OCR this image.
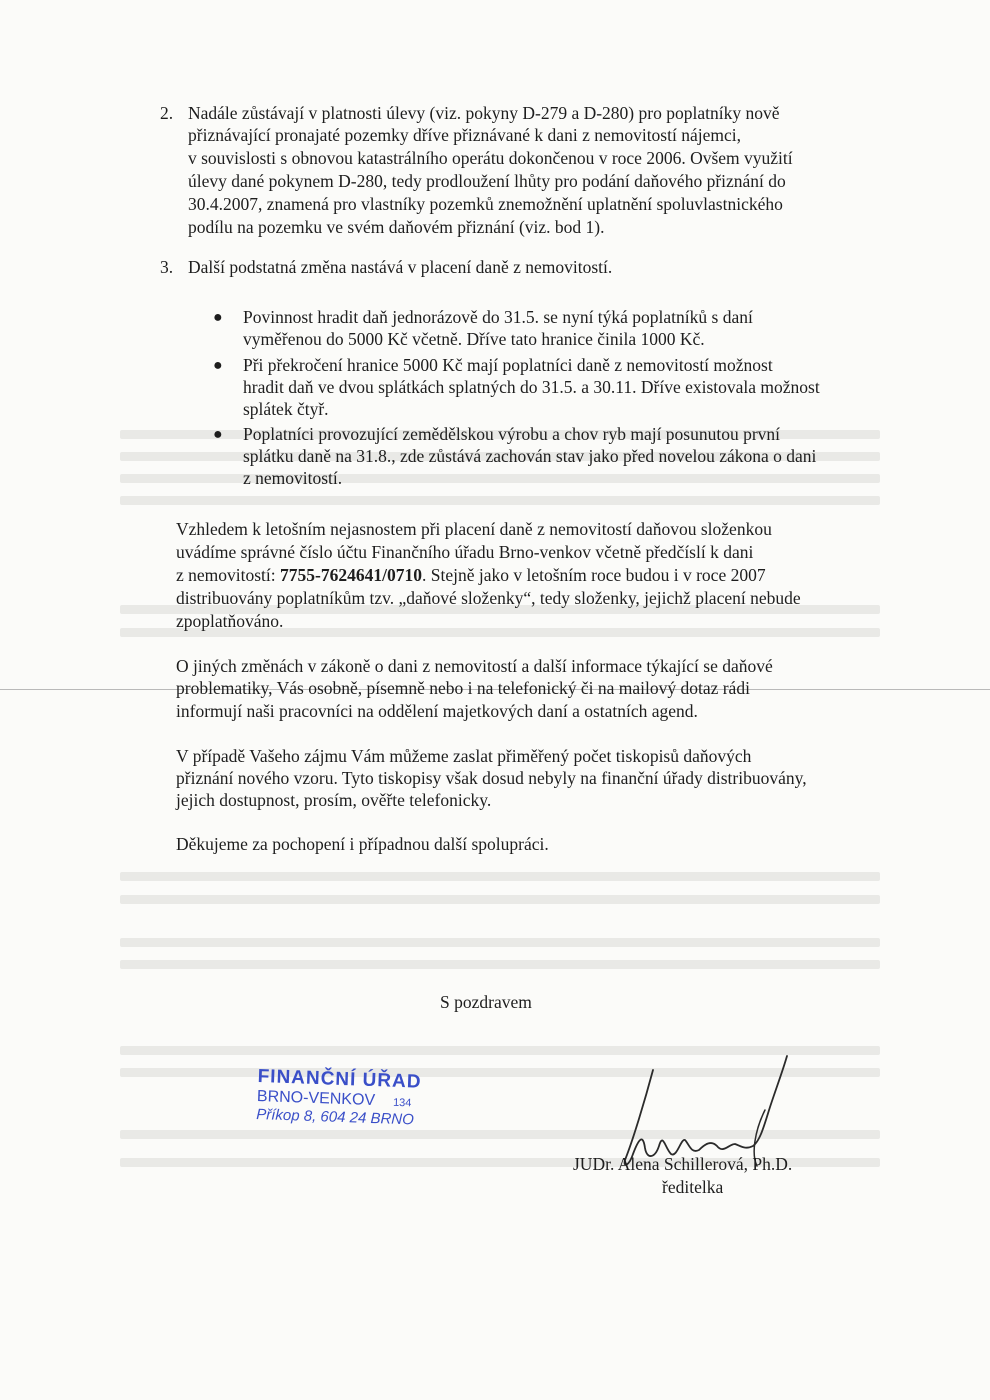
2. Nadále zůstávají v platnosti úlevy (viz. pokyny D-279 a D-280) pro poplatníky nově
přiznávající pronajaté pozemky dříve přiznávané k dani z nemovitostí nájemci,
v souvislosti s obnovou katastrálního operátu dokončenou v roce 2006. Ovšem využití
úlevy dané pokynem D-280, tedy prodloužení lhůty pro podání daňového přiznání do
30.4.2007, znamená pro vlastníky pozemků znemožnění uplatnění spoluvlastnického
podílu na pozemku ve svém daňovém přiznání (viz. bod 1).
3. Další podstatná změna nastává v placení daně z nemovitostí.
● Povinnost hradit daň jednorázově do 31.5. se nyní týká poplatníků s daní
vyměřenou do 5000 Kč včetně. Dříve tato hranice činila 1000 Kč.
● Při překročení hranice 5000 Kč mají poplatníci daně z nemovitostí možnost
hradit daň ve dvou splátkách splatných do 31.5. a 30.11. Dříve existovala možnost
splátek čtyř.
● Poplatníci provozující zemědělskou výrobu a chov ryb mají posunutou první
splátku daně na 31.8., zde zůstává zachován stav jako před novelou zákona o dani
z nemovitostí.
Vzhledem k letošním nejasnostem při placení daně z nemovitostí daňovou složenkou
uvádíme správné číslo účtu Finančního úřadu Brno-venkov včetně předčíslí k dani
z nemovitostí: 7755-7624641/0710. Stejně jako v letošním roce budou i v roce 2007
distribuovány poplatníkům tzv. „daňové složenky“, tedy složenky, jejichž placení nebude
zpoplatňováno.
O jiných změnách v zákoně o dani z nemovitostí a další informace týkající se daňové
problematiky, Vás osobně, písemně nebo i na telefonický či na mailový dotaz rádi
informují naši pracovníci na oddělení majetkových daní a ostatních agend.
V případě Vašeho zájmu Vám můžeme zaslat přiměřený počet tiskopisů daňových
přiznání nového vzoru. Tyto tiskopisy však dosud nebyly na finanční úřady distribuovány,
jejich dostupnost, prosím, ověřte telefonicky.
Děkujeme za pochopení i případnou další spolupráci.
S pozdravem
FINANČNÍ ÚŘAD
BRNO-VENKOV 134
Příkop 8, 604 24 BRNO
JUDr. Alena Schillerová, Ph.D.
ředitelka
